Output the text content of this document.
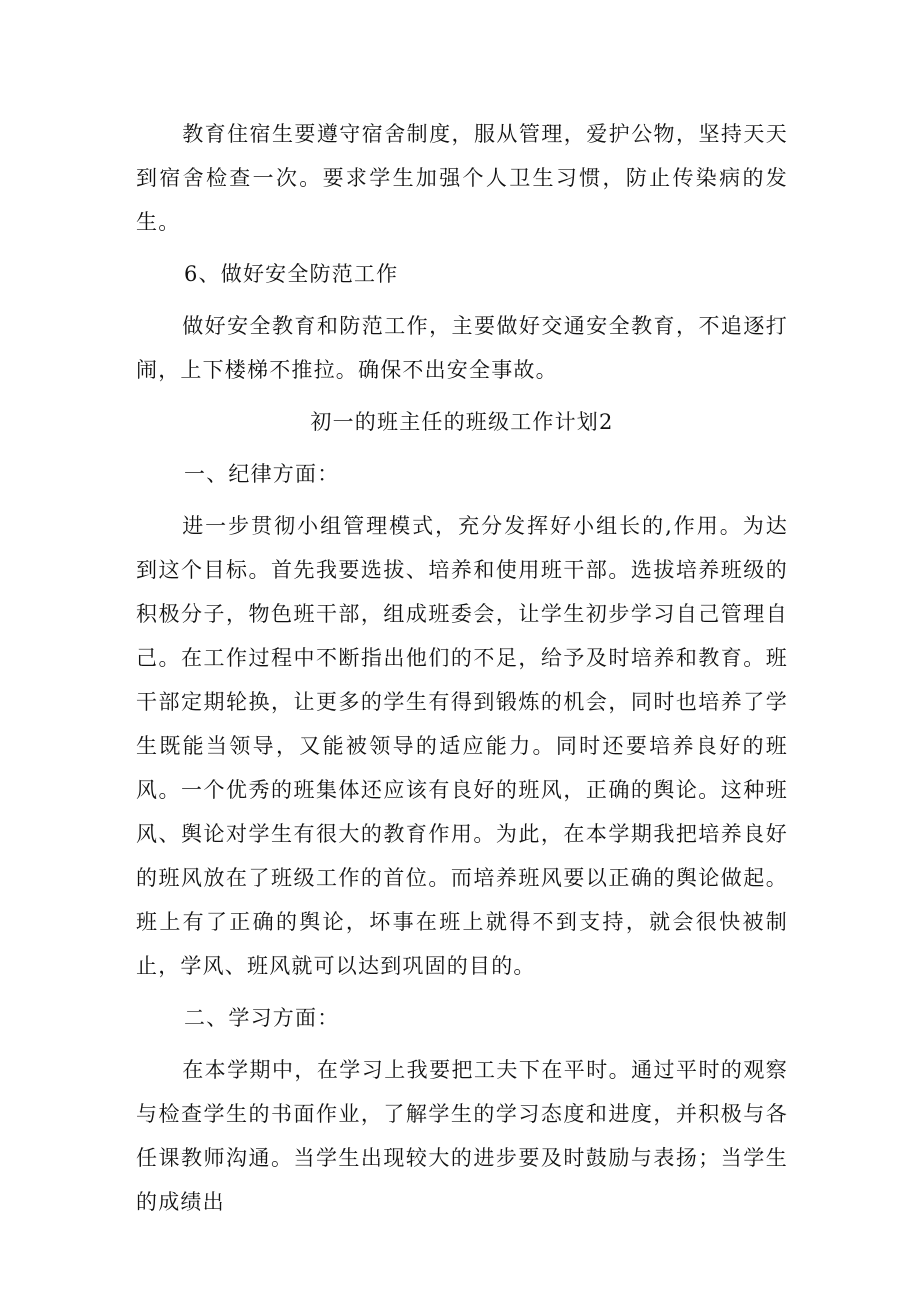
教育住宿生要遵守宿舍制度，服从管理，爱护公物，坚持天天到宿舍检查一次。要求学生加强个人卫生习惯，防止传染病的发生。

6、做好安全防范工作

做好安全教育和防范工作，主要做好交通安全教育，不追逐打闹，上下楼梯不推拉。确保不出安全事故。

初一的班主任的班级工作计划2

一、纪律方面：

进一步贯彻小组管理模式，充分发挥好小组长的,作用。为达到这个目标。首先我要选拔、培养和使用班干部。选拔培养班级的积极分子，物色班干部，组成班委会，让学生初步学习自己管理自己。在工作过程中不断指出他们的不足，给予及时培养和教育。班干部定期轮换，让更多的学生有得到锻炼的机会，同时也培养了学生既能当领导，又能被领导的适应能力。同时还要培养良好的班风。一个优秀的班集体还应该有良好的班风，正确的舆论。这种班风、舆论对学生有很大的教育作用。为此，在本学期我把培养良好的班风放在了班级工作的首位。而培养班风要以正确的舆论做起。班上有了正确的舆论，坏事在班上就得不到支持，就会很快被制止，学风、班风就可以达到巩固的目的。

二、学习方面：

在本学期中，在学习上我要把工夫下在平时。通过平时的观察与检查学生的书面作业，了解学生的学习态度和进度，并积极与各任课教师沟通。当学生出现较大的进步要及时鼓励与表扬；当学生的成绩出
